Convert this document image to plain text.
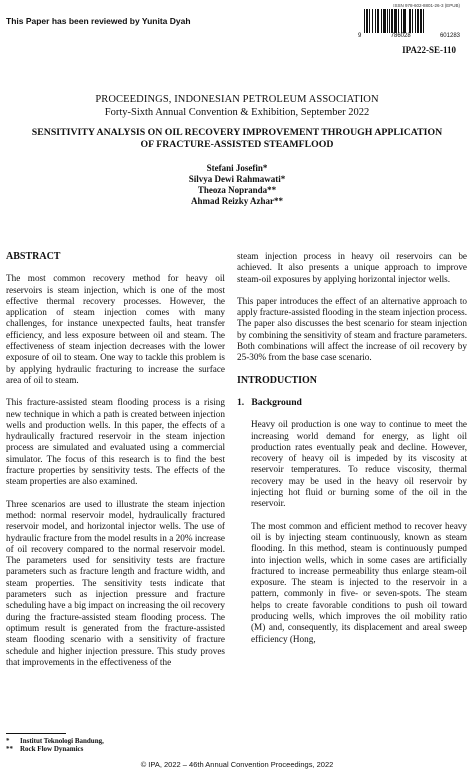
This Paper has been reviewed by Yunita Dyah
ISSN 978-602-8801-26-3 (EPUB)
9	786028	601283
IPA22-SE-110
PROCEEDINGS, INDONESIAN PETROLEUM ASSOCIATION
Forty-Sixth Annual Convention & Exhibition, September 2022
SENSITIVITY ANALYSIS ON OIL RECOVERY IMPROVEMENT THROUGH APPLICATION
OF FRACTURE-ASSISTED STEAMFLOOD
Stefani Josefin*
Silvya Dewi Rahmawati*
Theoza Nopranda**
Ahmad Reizky Azhar**
ABSTRACT

The most common recovery method for heavy oil reservoirs is steam injection, which is one of the most effective thermal recovery processes. However, the application of steam injection comes with many challenges, for instance unexpected faults, heat transfer efficiency, and less exposure between oil and steam. The effectiveness of steam injection decreases with the lower exposure of oil to steam. One way to tackle this problem is by applying hydraulic fracturing to increase the surface area of oil to steam.

This fracture-assisted steam flooding process is a rising new technique in which a path is created between injection wells and production wells. In this paper, the effects of a hydraulically fractured reservoir in the steam injection process are simulated and evaluated using a commercial simulator. The focus of this research is to find the best fracture properties by sensitivity tests. The effects of the steam properties are also examined.

Three scenarios are used to illustrate the steam injection method: normal reservoir model, hydraulically fractured reservoir model, and horizontal injector wells. The use of hydraulic fracture from the model results in a 20% increase of oil recovery compared to the normal reservoir model. The parameters used for sensitivity tests are fracture parameters such as fracture length and fracture width, and steam properties. The sensitivity tests indicate that parameters such as injection pressure and fracture scheduling have a big impact on increasing the oil recovery during the fracture-assisted steam flooding process. The optimum result is generated from the fracture-assisted steam flooding scenario with a sensitivity of fracture schedule and higher injection pressure. This study proves that improvements in the effectiveness of the

steam injection process in heavy oil reservoirs can be achieved. It also presents a unique approach to improve steam-oil exposures by applying horizontal injector wells.

This paper introduces the effect of an alternative approach to apply fracture-assisted flooding in the steam injection process. The paper also discusses the best scenario for steam injection by combining the sensitivity of steam and fracture parameters. Both combinations will affect the increase of oil recovery by 25-30% from the base case scenario.

INTRODUCTION
1.   Background

Heavy oil production is one way to continue to meet the increasing world demand for energy, as light oil production rates eventually peak and decline. However, recovery of heavy oil is impeded by its viscosity at reservoir temperatures. To reduce viscosity, thermal recovery may be used in the heavy oil reservoir by injecting hot fluid or burning some of the oil in the reservoir.

The most common and efficient method to recover heavy oil is by injecting steam continuously, known as steam flooding. In this method, steam is continuously pumped into injection wells, which in some cases are artificially fractured to increase permeability thus enlarge steam-oil exposure. The steam is injected to the reservoir in a pattern, commonly in five- or seven-spots. The steam helps to create favorable conditions to push oil toward producing wells, which improves the oil mobility ratio (M) and, consequently, its displacement and areal sweep efficiency (Hong,

* Institut Teknologi Bandung,
** Rock Flow Dynamics
© IPA, 2022 – 46th Annual Convention Proceedings, 2022
